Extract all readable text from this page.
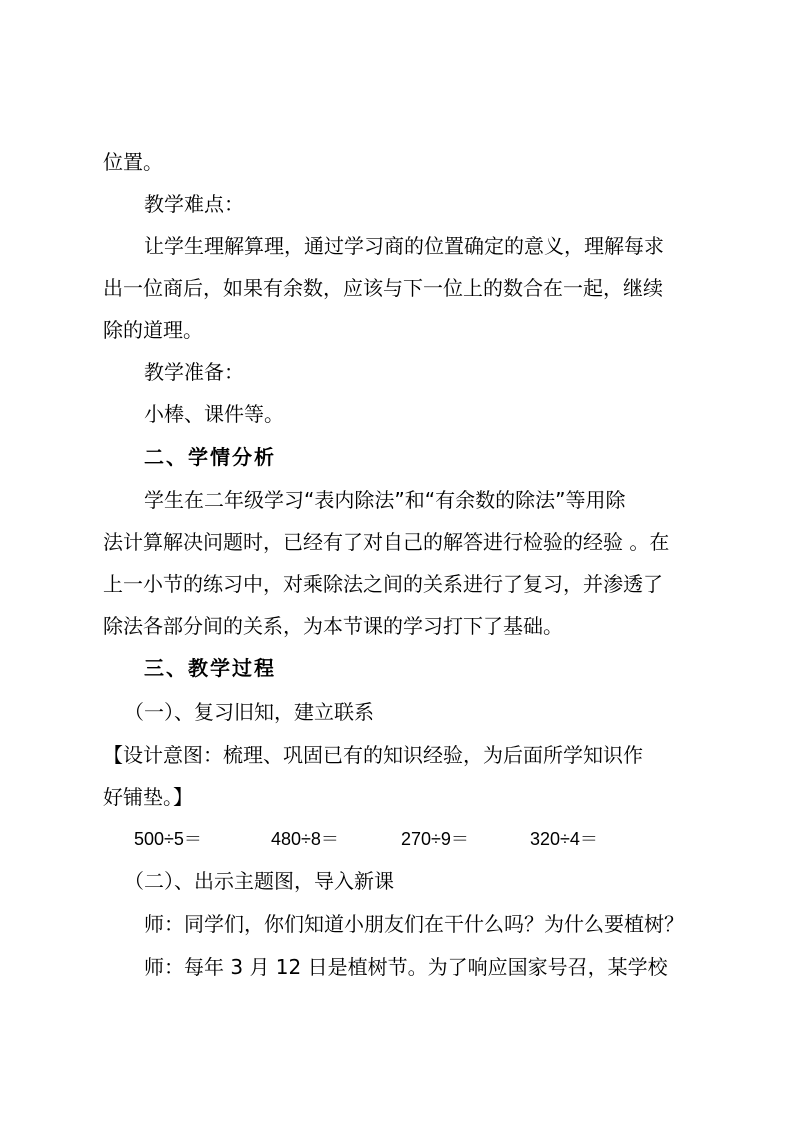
位置。
教学难点：
让学生理解算理，通过学习商的位置确定的意义，理解每求
出一位商后，如果有余数，应该与下一位上的数合在一起，继续
除的道理。
教学准备：
小棒、课件等。
二、学情分析
学生在二年级学习“表内除法”和“有余数的除法”等用除
法计算解决问题时，已经有了对自己的解答进行检验的经验 。在
上一小节的练习中，对乘除法之间的关系进行了复习，并渗透了
除法各部分间的关系，为本节课的学习打下了基础。
三、教学过程
（一）、复习旧知，建立联系
【设计意图：梳理、巩固已有的知识经验，为后面所学知识作
好铺垫。】
500÷5＝	480÷8＝	270÷9＝	320÷4＝
（二）、出示主题图，导入新课
师：同学们，你们知道小朋友们在干什么吗？为什么要植树？
师：每年 3 月 12 日是植树节。为了响应国家号召，某学校
